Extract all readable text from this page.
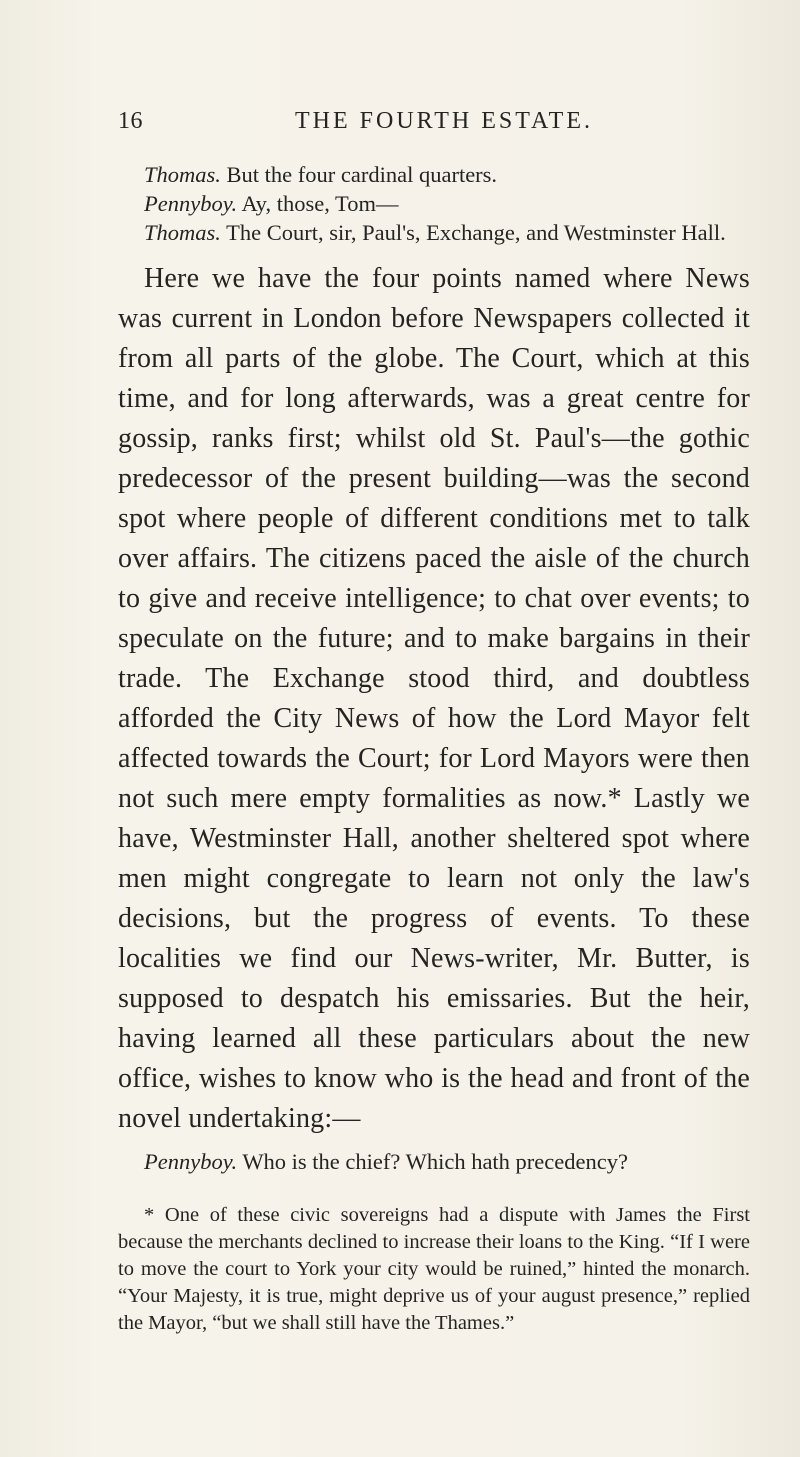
16	THE FOURTH ESTATE.

Thomas. But the four cardinal quarters.

Pennyboy. Ay, those, Tom—

Thomas. The Court, sir, Paul's, Exchange, and Westminster Hall.

Here we have the four points named where News was current in London before Newspapers collected it from all parts of the globe. The Court, which at this time, and for long afterwards, was a great centre for gossip, ranks first; whilst old St. Paul's—the gothic predecessor of the present building—was the second spot where people of different conditions met to talk over affairs. The citizens paced the aisle of the church to give and receive intelligence; to chat over events; to speculate on the future; and to make bargains in their trade. The Exchange stood third, and doubtless afforded the City News of how the Lord Mayor felt affected towards the Court; for Lord Mayors were then not such mere empty formalities as now.* Lastly we have, Westminster Hall, another sheltered spot where men might congregate to learn not only the law's decisions, but the progress of events. To these localities we find our News-writer, Mr. Butter, is supposed to despatch his emissaries. But the heir, having learned all these particulars about the new office, wishes to know who is the head and front of the novel undertaking:—

Pennyboy. Who is the chief? Which hath precedency?

* One of these civic sovereigns had a dispute with James the First because the merchants declined to increase their loans to the King. “If I were to move the court to York your city would be ruined,” hinted the monarch. “Your Majesty, it is true, might deprive us of your august presence,” replied the Mayor, “but we shall still have the Thames.”
